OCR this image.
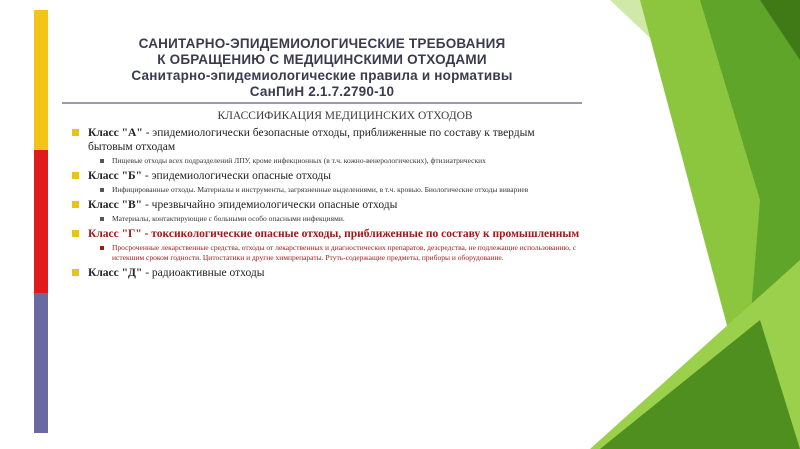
САНИТАРНО-ЭПИДЕМИОЛОГИЧЕСКИЕ ТРЕБОВАНИЯ
К ОБРАЩЕНИЮ С МЕДИЦИНСКИМИ ОТХОДАМИ
Санитарно-эпидемиологические правила и нормативы
СанПиН 2.1.7.2790-10
КЛАССИФИКАЦИЯ МЕДИЦИНСКИХ ОТХОДОВ
Класс "А" - эпидемиологически безопасные отходы, приближенные по составу к твердым бытовым отходам
Пищевые отходы всех подразделений ЛПУ, кроме инфекционных (в т.ч. кожно-венерологических), фтизиатрических
Класс "Б" - эпидемиологически опасные отходы
Инфицированные отходы. Материалы и инструменты, загрязненные выделениями, в т.ч. кровью. Биологические отходы вивариев
Класс "В" - чрезвычайно эпидемиологически опасные отходы
Материалы, контактирующие с больными особо опасными инфекциями.
Класс "Г" - токсикологические опасные отходы, приближенные по составу к промышленным
Просроченные лекарственные средства, отходы от лекарственных и диагностических препаратов, дезсредства, не подлежащие использованию, с истекшим сроком годности. Цитостатики и другие химпрепараты. Ртуть-содержащие предметы, приборы и оборудование.
Класс "Д" - радиоактивные отходы
